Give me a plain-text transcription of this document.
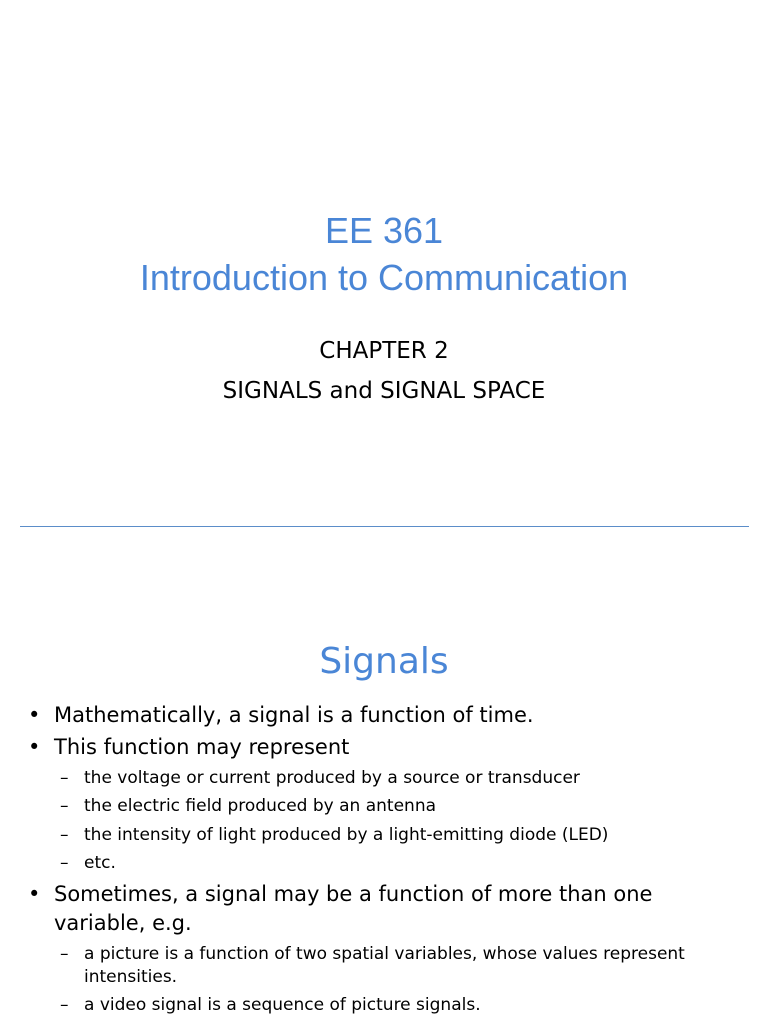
EE 361
Introduction to Communication
CHAPTER 2
SIGNALS and SIGNAL SPACE
Signals
• Mathematically, a signal is a function of time.
• This function may represent
– the voltage or current produced by a source or transducer
– the electric field produced by an antenna
– the intensity of light produced by a light-emitting diode (LED)
– etc.
• Sometimes, a signal may be a function of more than one
variable, e.g.
– a picture is a function of two spatial variables, whose values represent
intensities.
– a video signal is a sequence of picture signals.
